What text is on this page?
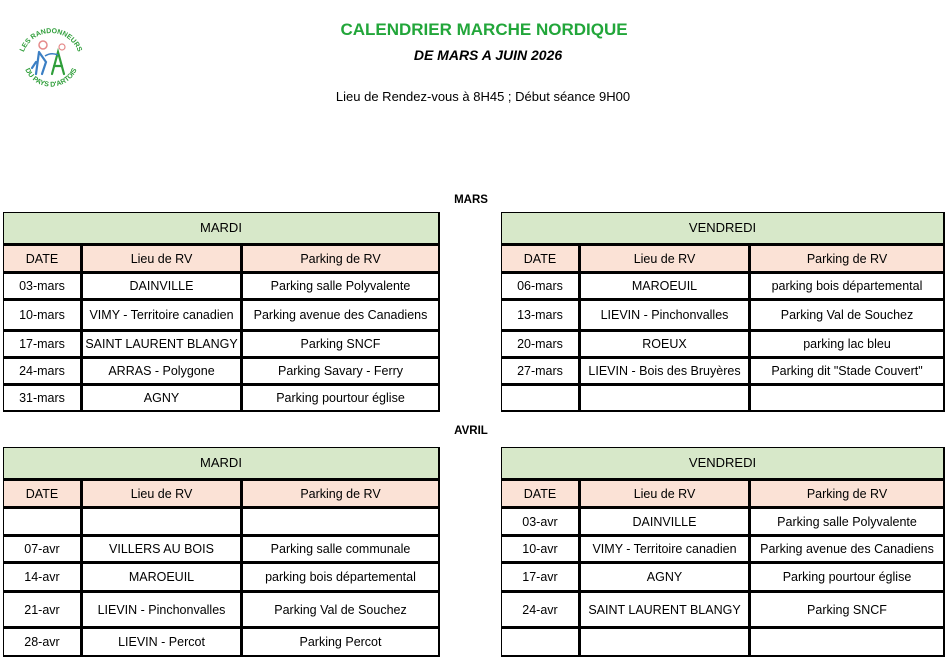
LES RANDONNEURS
DU PAYS D'ARTOIS
CALENDRIER MARCHE NORDIQUE
DE MARS A JUIN 2026
Lieu de Rendez-vous à 8H45 ; Début séance 9H00
MARS
MARDI		
DATE	Lieu de RV	Parking de RV
03-mars	DAINVILLE	Parking salle Polyvalente
10-mars	VIMY - Territoire canadien	Parking avenue des Canadiens
17-mars	SAINT LAURENT BLANGY	Parking SNCF
24-mars	ARRAS - Polygone	Parking Savary - Ferry
31-mars	AGNY	Parking pourtour église
VENDREDI		
DATE	Lieu de RV	Parking de RV
06-mars	MAROEUIL	parking bois départemental
13-mars	LIEVIN - Pinchonvalles	Parking Val de Souchez
20-mars	ROEUX	parking lac bleu
27-mars	LIEVIN - Bois des Bruyères	Parking dit "Stade Couvert"

AVRIL
MARDI		
DATE	Lieu de RV	Parking de RV

07-avr	VILLERS AU BOIS	Parking salle communale
14-avr	MAROEUIL	parking bois départemental
21-avr	LIEVIN - Pinchonvalles	Parking Val de Souchez
28-avr	LIEVIN - Percot	Parking Percot
VENDREDI		
DATE	Lieu de RV	Parking de RV
03-avr	DAINVILLE	Parking salle Polyvalente
10-avr	VIMY - Territoire canadien	Parking avenue des Canadiens
17-avr	AGNY	Parking pourtour église
24-avr	SAINT LAURENT BLANGY	Parking SNCF
